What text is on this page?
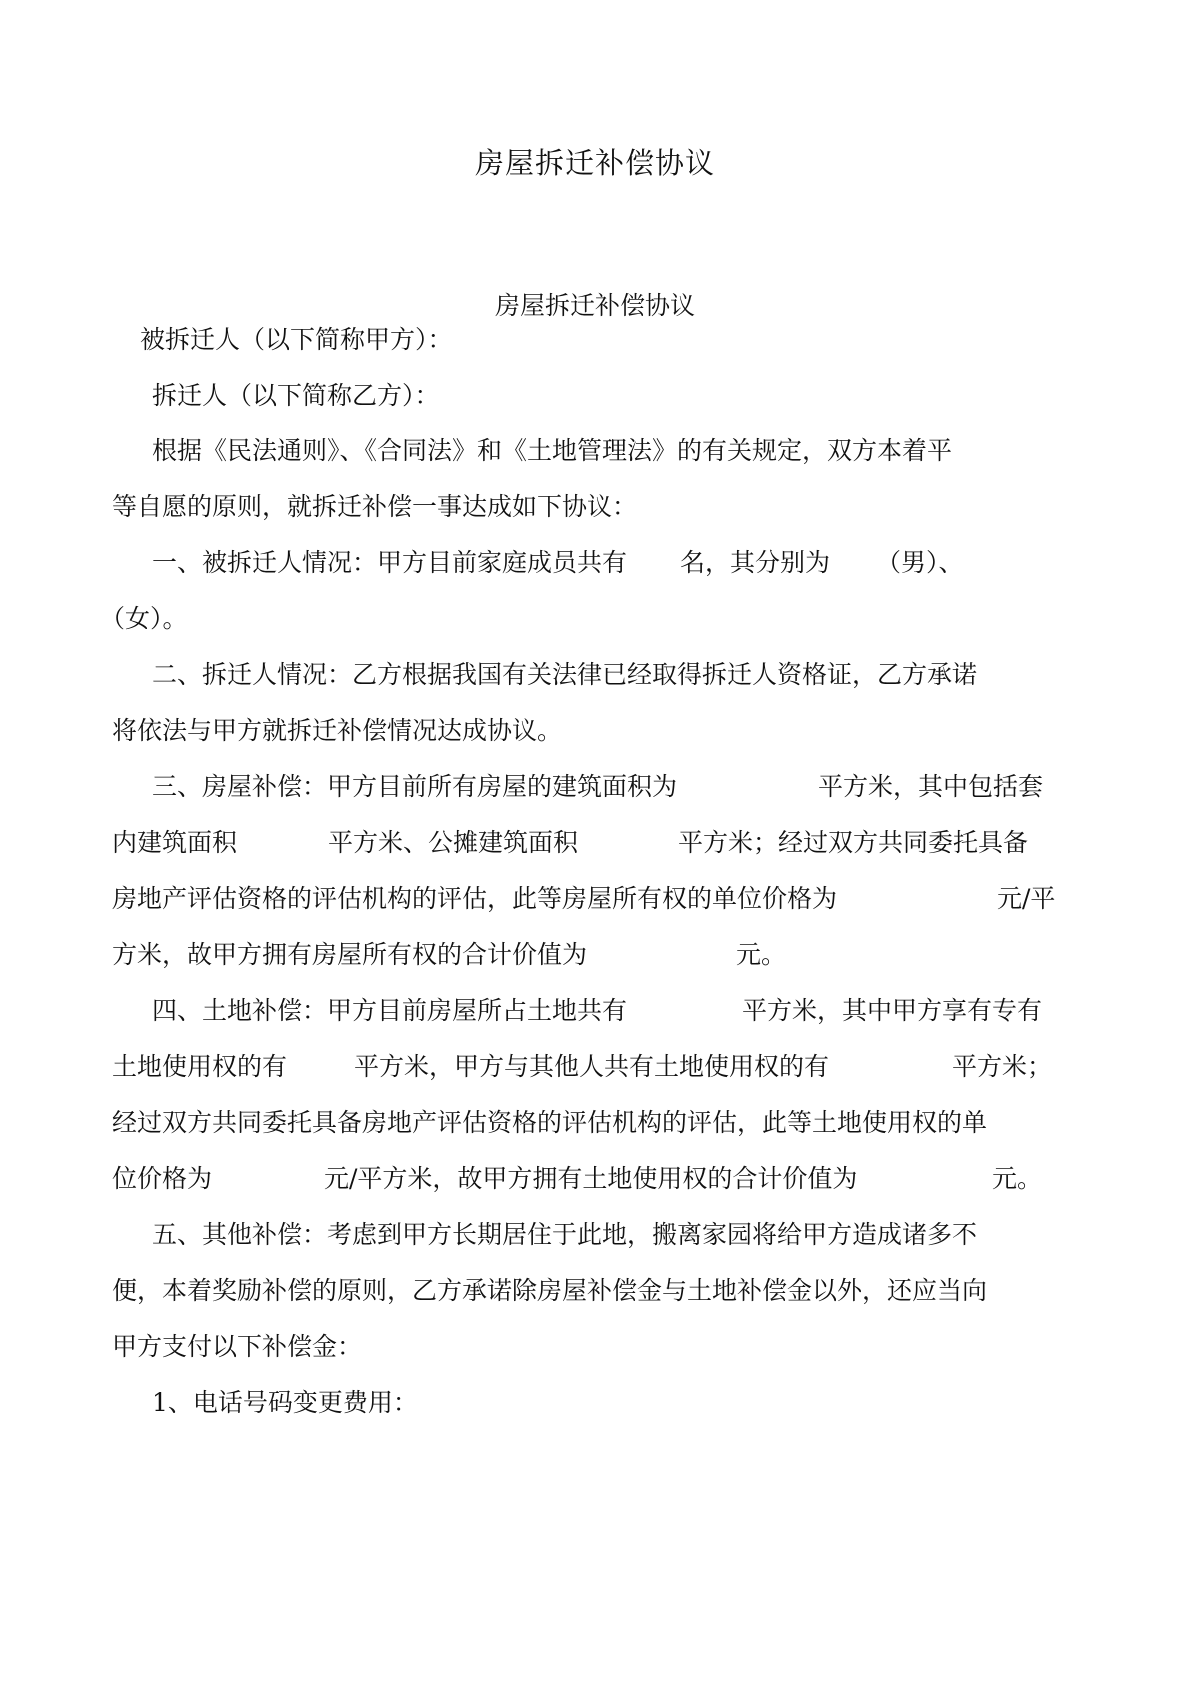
房屋拆迁补偿协议

房屋拆迁补偿协议

被拆迁人（以下简称甲方）：

拆迁人（以下简称乙方）：

根据《民法通则》、《合同法》和《土地管理法》的有关规定，双方本着平

等自愿的原则，就拆迁补偿一事达成如下协议：

一、被拆迁人情况：甲方目前家庭成员共有 名，其分别为 （男）、

（女）。

二、拆迁人情况：乙方根据我国有关法律已经取得拆迁人资格证，乙方承诺

将依法与甲方就拆迁补偿情况达成协议。

三、房屋补偿：甲方目前所有房屋的建筑面积为	平方米，其中包括套

内建筑面积	平方米、公摊建筑面积	平方米；经过双方共同委托具备

房地产评估资格的评估机构的评估，此等房屋所有权的单位价格为	元/平

方米，故甲方拥有房屋所有权的合计价值为	元。

四、土地补偿：甲方目前房屋所占土地共有	平方米，其中甲方享有专有

土地使用权的有	平方米，甲方与其他人共有土地使用权的有	平方米；

经过双方共同委托具备房地产评估资格的评估机构的评估，此等土地使用权的单

位价格为	元/平方米，故甲方拥有土地使用权的合计价值为	元。

五、其他补偿：考虑到甲方长期居住于此地，搬离家园将给甲方造成诸多不

便，本着奖励补偿的原则，乙方承诺除房屋补偿金与土地补偿金以外，还应当向

甲方支付以下补偿金：

1、电话号码变更费用：
